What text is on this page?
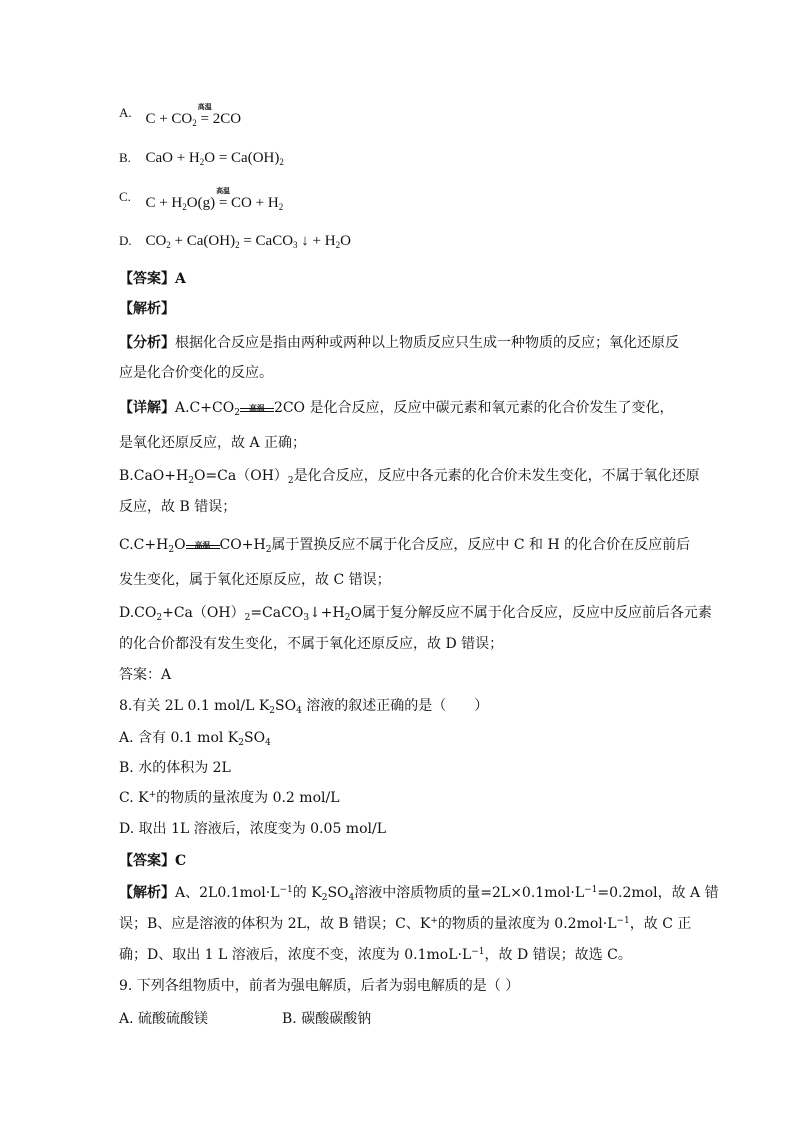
A. $C + CO_2$ =
高温
2CO
B. CaO + $H_2O = Ca(OH)_2$
C. $C + H_2O(g)$ =
高温
CO + $H_2$
D. $CO_2 + Ca(OH)_2$ = CaCO$_3$ ↓ + $H_2O$
【答案】A
【解析】
【分析】根据化合反应是指由两种或两种以上物质反应只生成一种物质的反应；氧化还原反
应是化合价变化的反应。
【详解】$A.C+CO_2$	高温 2CO 是化合反应，反应中碳元素和氧元素的化合价发生了变化，
是氧化还原反应，故 A 正确；
$B.CaO+H_2O=Ca(OH)_2$是化合反应，反应中各元素的化合价未发生变化，不属于氧化还原
反应，故 B 错误；
$C.C+H_2O$	高温 $CO+H_2$属于置换反应不属于化合反应，反应中 C 和 H 的化合价在反应前后
发生变化，属于氧化还原反应，故 C 错误；
$D.CO_2+Ca(OH)_2=CaCO_3↓+H_2O$属于复分解反应不属于化合反应，反应中反应前后各元素
的化合价都没有发生变化，不属于氧化还原反应，故 D 错误；
答案：A
8.有关 2L 0.1 mol/L $K_2SO_4$ 溶液的叙述正确的是（　　）
A. 含有 0.1 mol $K_2SO_4$
B. 水的体积为 2L
C. K+的物质的量浓度为 0.2 mol/L
D. 取出 1L 溶液后，浓度变为 0.05 mol/L
【答案】C
【解析】A、$2L0.1mol\cdot L^{-1}$的 $K_2SO_4$溶液中溶质物质的量$=2L\times 0.1mol\cdot L^{-1}=0.2mol$，故 A 错
误；B、应是溶液的体积为 2L，故 B 错误；C、K+的物质的量浓度为 $0.2mol\cdot L^{-1}$，故 C 正
确；D、取出 1 L 溶液后，浓度不变，浓度为 $0.1moL\cdot L^{-1}$，故 D 错误；故选 C。
9. 下列各组物质中，前者为强电解质，后者为弱电解质的是（ ）
A. 硫酸硫酸镁	B. 碳酸碳酸钠
